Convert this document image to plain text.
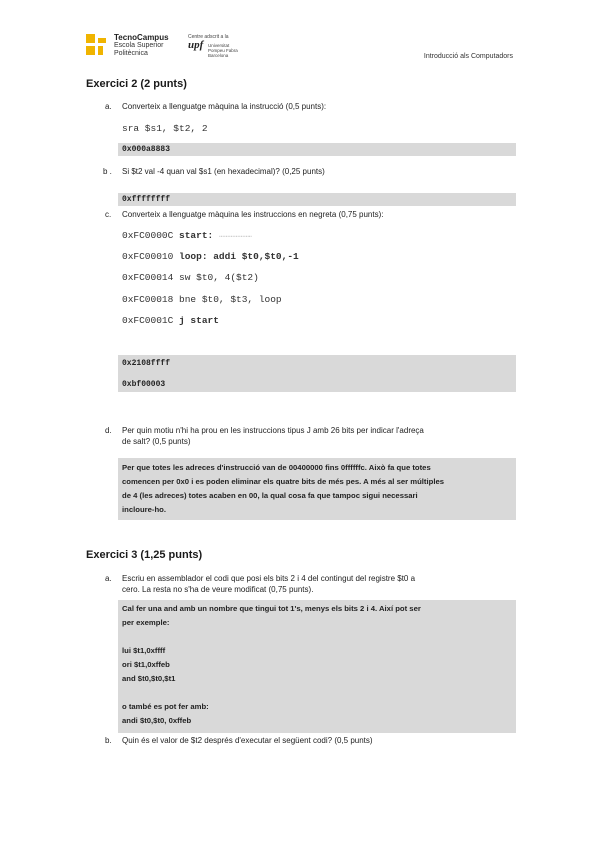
TecnoCampus
Escola Superior
Politècnica
Centre adscrit a la
upf Universitat
Pompeu Fabra
Barcelona	Introducció als Computadors
Exercici 2 (2 punts)
a. Converteix a llenguatge màquina la instrucció (0,5 punts):
sra $s1, $t2, 2
0x000a8883
b . Si $t2 val -4 quan val $s1 (en hexadecimal)? (0,25 punts)
0xffffffff
c. Converteix a llenguatge màquina les instruccions en negreta (0,75 punts):
0xFC0000C start: ………………..
0xFC00010 loop: addi $t0,$t0,-1
0xFC00014 sw $t0, 4($t2)
0xFC00018 bne $t0, $t3, loop
0xFC0001C j start
0x2108ffff
0xbf00003
d. Per quin motiu n'hi ha prou en les instruccions tipus J amb 26 bits per indicar l'adreça
de salt? (0,5 punts)

Per que totes les adreces d'instrucció van de 00400000 fins 0ffffffc. Això fa que totes

comencen per 0x0 i es poden eliminar els quatre bits de més pes. A més al ser múltiples

de 4 (les adreces) totes acaben en 00, la qual cosa fa que tampoc sigui necessari

incloure-ho.

Exercici 3 (1,25 punts)
a. Escriu en assemblador el codi que posi els bits 2 i 4 del contingut del registre $t0 a
cero. La resta no s'ha de veure modificat (0,75 punts).

Cal fer una and amb un nombre que tingui tot 1's, menys els bits 2 i 4. Així pot ser

per exemple:

lui $t1,0xffff

ori $t1,0xffeb

and $t0,$t0,$t1

o també es pot fer amb:

andi $t0,$t0, 0xffeb

b. Quin és el valor de $t2 després d'executar el següent codi? (0,5 punts)
